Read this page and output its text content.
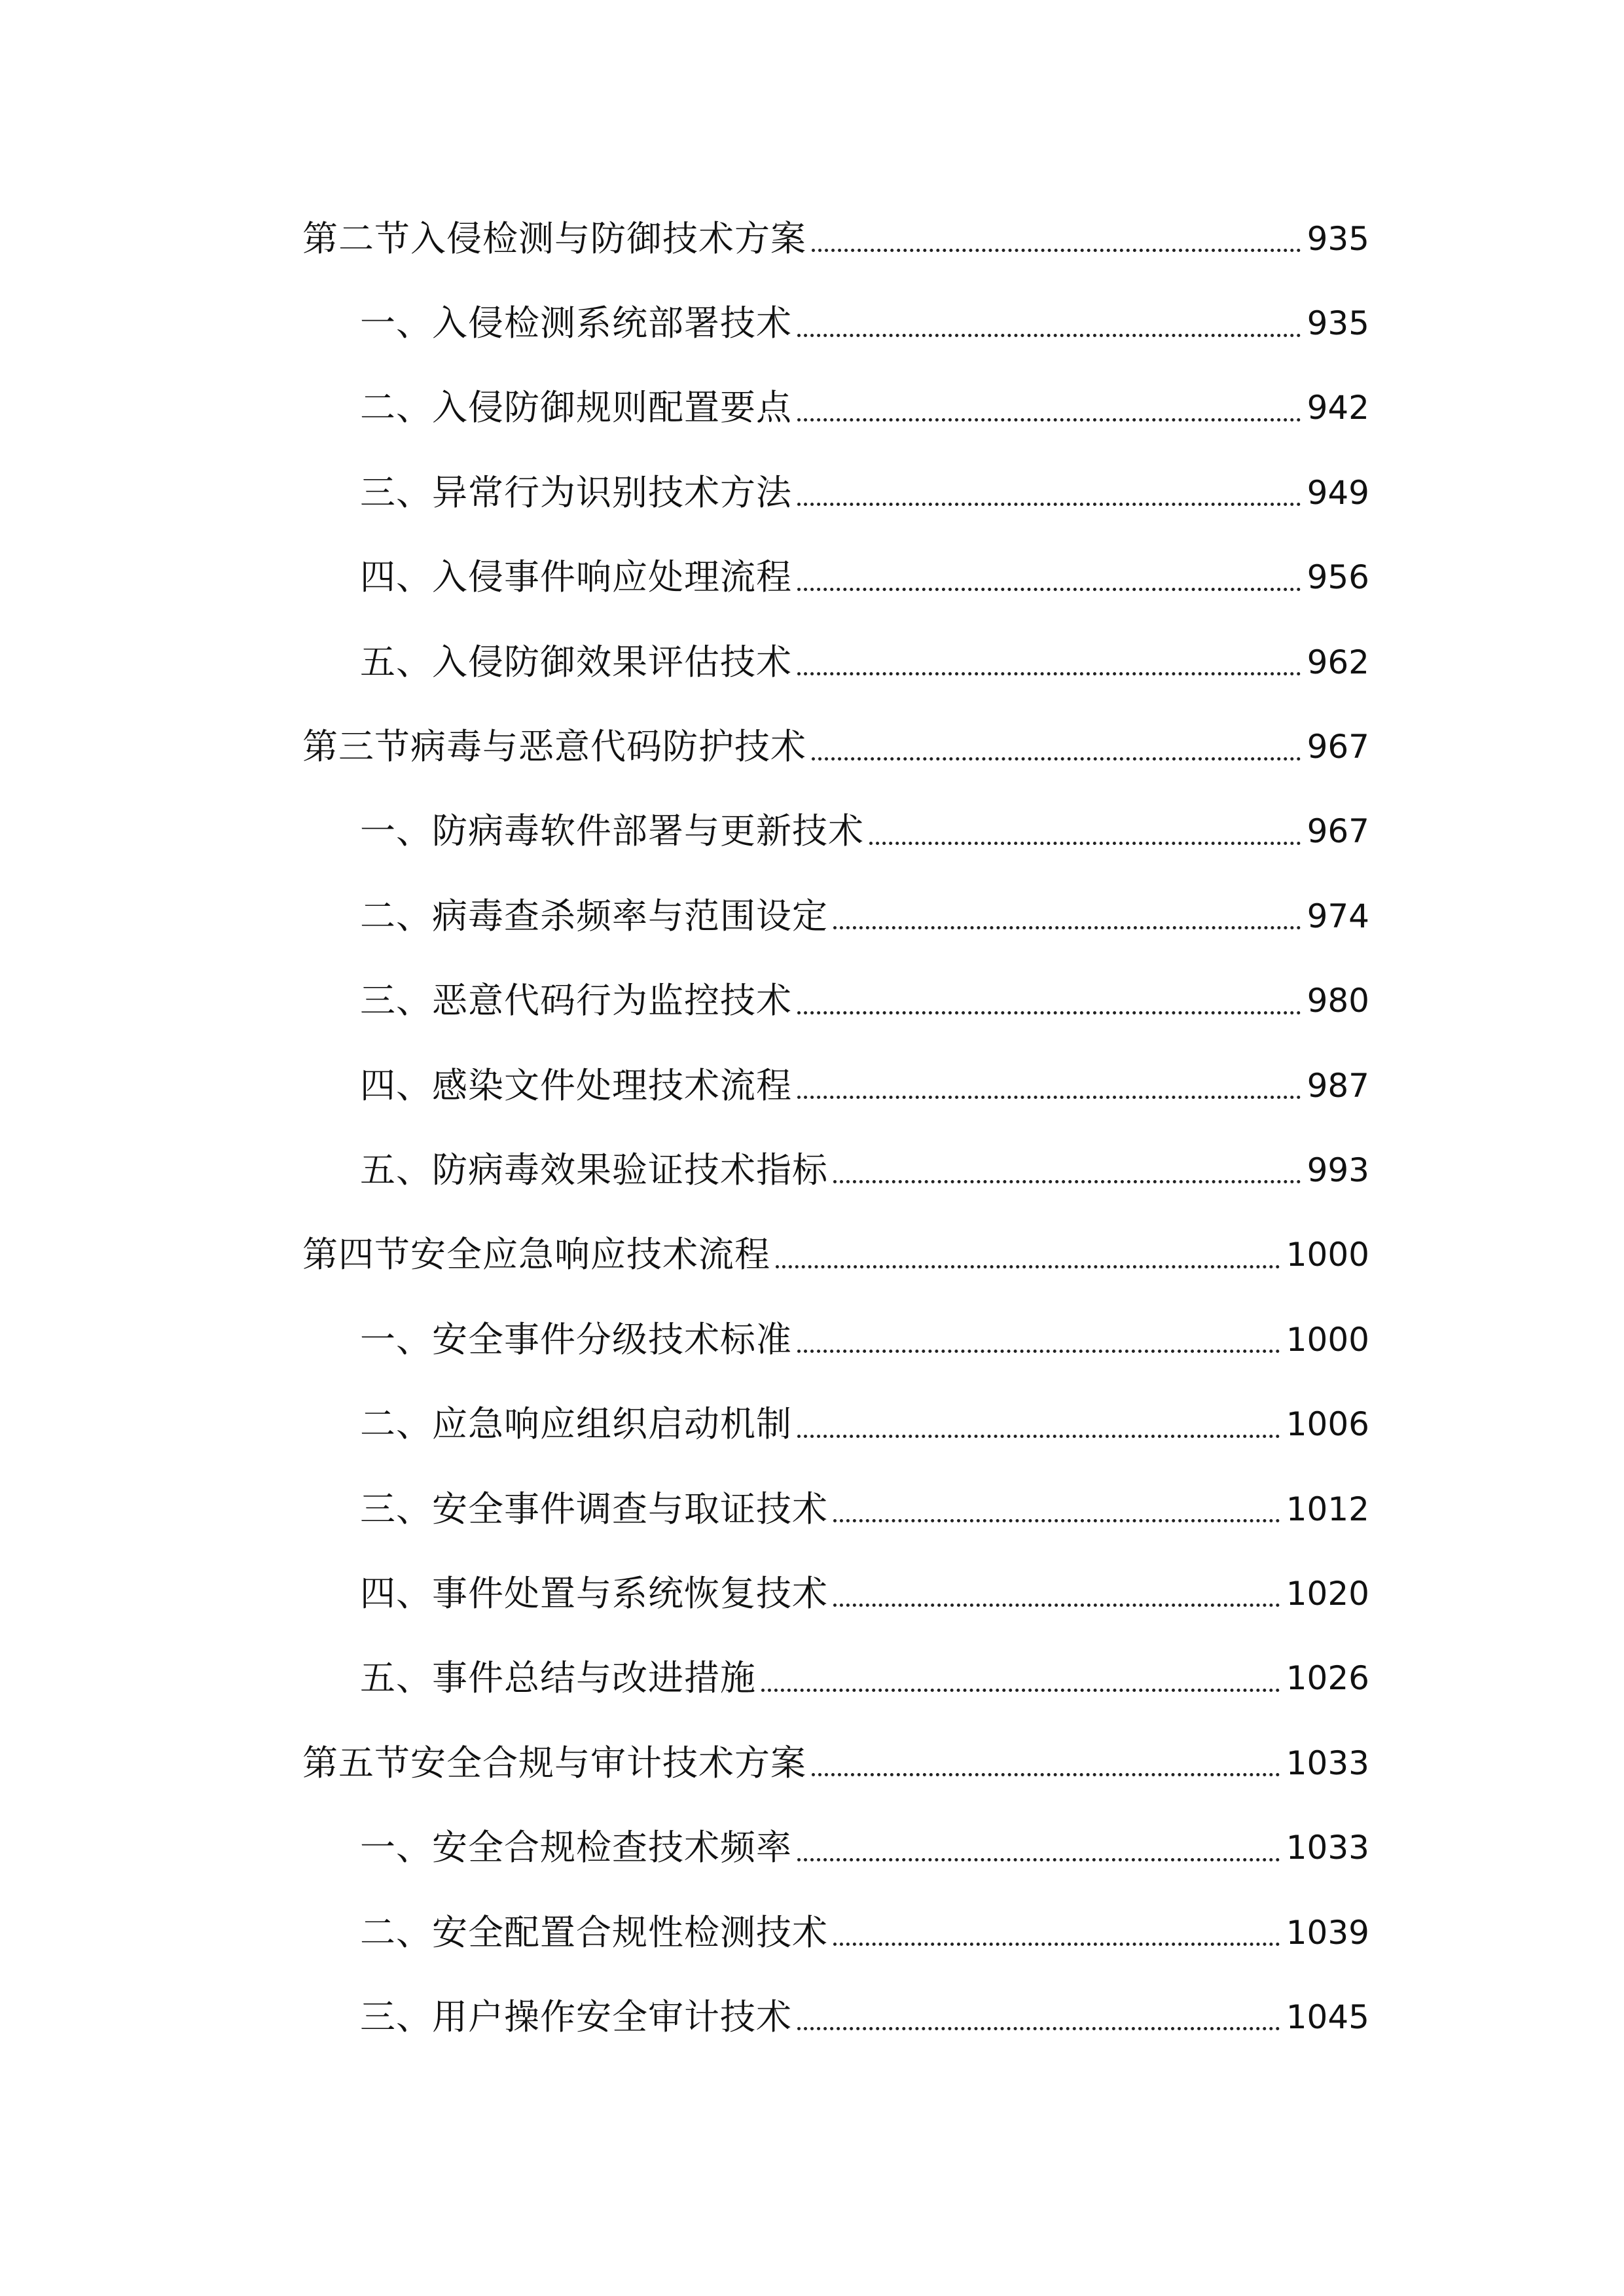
第二节入侵检测与防御技术方案	935
一、入侵检测系统部署技术	935
二、入侵防御规则配置要点	942
三、异常行为识别技术方法	949
四、入侵事件响应处理流程	956
五、入侵防御效果评估技术	962
第三节病毒与恶意代码防护技术	967
一、防病毒软件部署与更新技术	967
二、病毒查杀频率与范围设定	974
三、恶意代码行为监控技术	980
四、感染文件处理技术流程	987
五、防病毒效果验证技术指标	993
第四节安全应急响应技术流程	1000
一、安全事件分级技术标准	1000
二、应急响应组织启动机制	1006
三、安全事件调查与取证技术	1012
四、事件处置与系统恢复技术	1020
五、事件总结与改进措施	1026
第五节安全合规与审计技术方案	1033
一、安全合规检查技术频率	1033
二、安全配置合规性检测技术	1039
三、用户操作安全审计技术	1045
